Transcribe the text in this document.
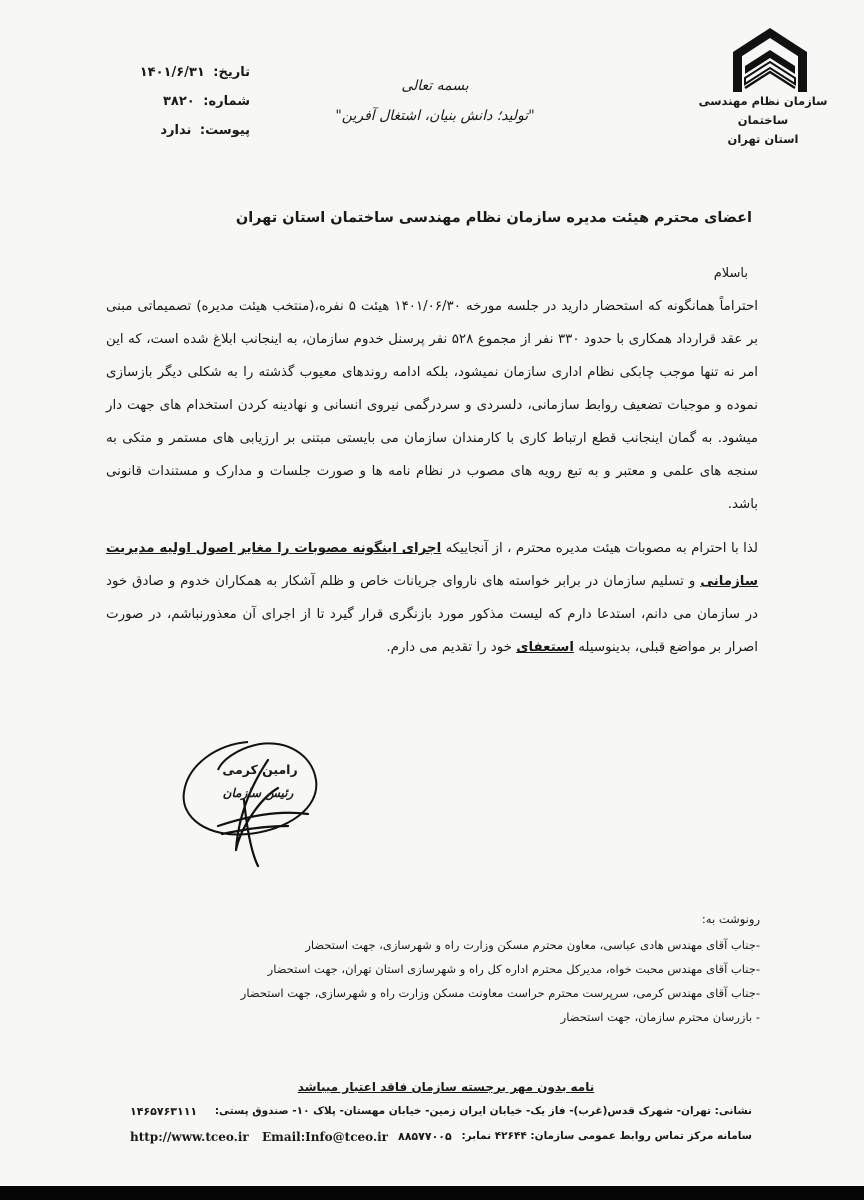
سازمان نظام مهندسی ساختمان
استان تهران
بسمه تعالی
"تولید؛ دانش بنیان، اشتغال آفرین"
تاریخ: ۱۴۰۱/۶/۳۱
شماره: ۳۸۲۰
پیوست: ندارد
اعضای محترم هیئت مدیره سازمان نظام مهندسی ساختمان استان تهران
باسلام
احتراماً همانگونه که استحضار دارید در جلسه مورخه ۱۴۰۱/۰۶/۳۰ هیئت ۵ نفره،(منتخب هیئت مدیره) تصمیماتی مبنی بر عقد قرارداد همکاری با حدود ۳۳۰ نفر از مجموع ۵۲۸ نفر پرسنل خدوم سازمان، به اینجانب ابلاغ شده است، که این امر نه تنها موجب چابکی نظام اداری سازمان نمیشود، بلکه ادامه روندهای معیوب گذشته را به شکلی دیگر بازسازی نموده و موجبات تضعیف روابط سازمانی، دلسردی و سردرگمی نیروی انسانی و نهادینه کردن استخدام های جهت دار میشود. به گمان اینجانب قطع ارتباط کاری با کارمندان سازمان می بایستی مبتنی بر ارزیابی های مستمر و متکی به سنجه های علمی و معتبر و به تبع رویه های مصوب در نظام نامه ها و صورت جلسات و مدارک و مستندات قانونی باشد.
لذا با احترام به مصوبات هیئت مدیره محترم ، از آنجاییکه اجرای اینگونه مصوبات را مغایر اصول اولیه مدیریت سازمانی و تسلیم سازمان در برابر خواسته های ناروای جریانات خاص و ظلم آشکار به همکاران خدوم و صادق خود در سازمان می دانم، استدعا دارم که لیست مذکور مورد بازنگری قرار گیرد تا از اجرای آن معذورنباشم، در صورت اصرار بر مواضع قبلی، بدینوسیله استعفای خود را تقدیم می دارم.
رامین کرمی
رئیس سازمان
رونوشت به:
-جناب آقای مهندس هادی عباسی، معاون محترم مسکن وزارت راه و شهرسازی، جهت استحضار
-جناب آقای مهندس محبت خواه، مدیرکل محترم اداره کل راه و شهرسازی استان تهران، جهت استحضار
-جناب آقای مهندس کرمی، سرپرست محترم حراست معاونت مسکن وزارت راه و شهرسازی، جهت استحضار
- بازرسان محترم سازمان، جهت استحضار
نامه بدون مهر برجسته سازمان فاقد اعتبار میباشد
نشانی: تهران- شهرک قدس(غرب)- فاز یک- خیابان ایران زمین- خیابان مهستان- پلاک ۱۰- صندوق پستی:
۱۴۶۵۷۶۳۱۱۱
سامانه مرکز تماس روابط عمومی سازمان: ۴۲۶۴۴ نمابر:
۸۸۵۷۷۰۰۵
Email:Info@tceo.ir
http://www.tceo.ir
